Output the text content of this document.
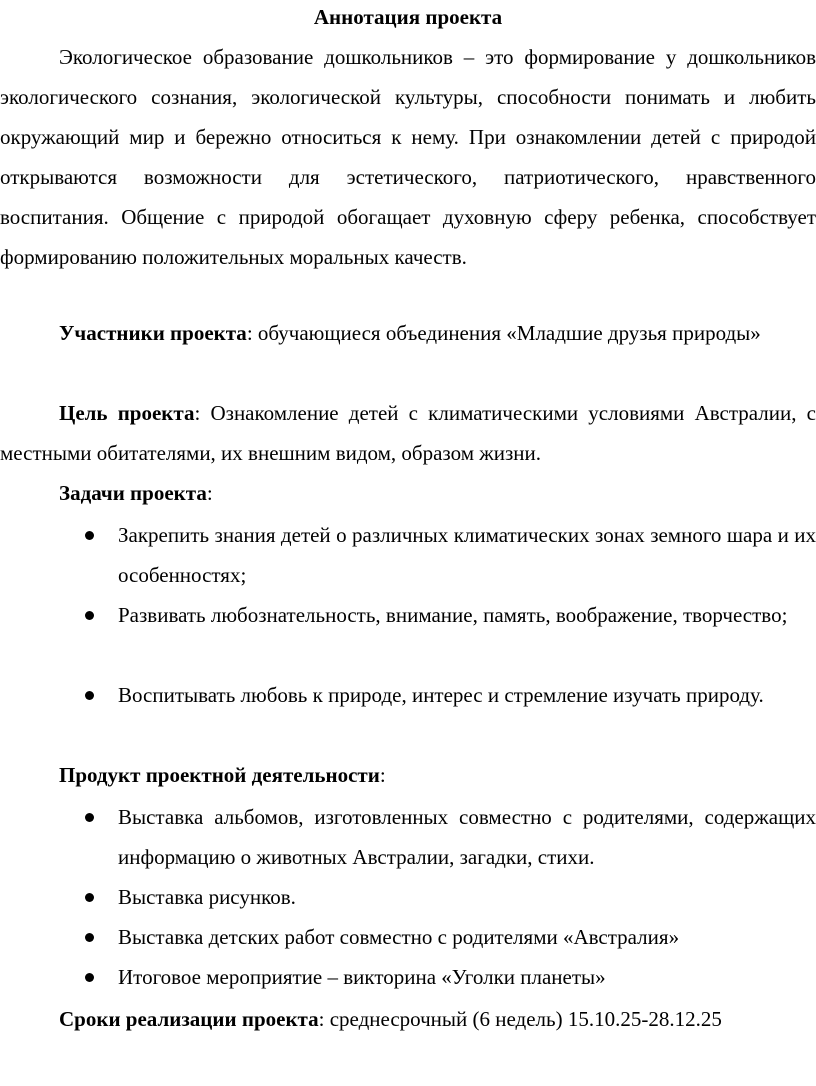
Аннотация проекта

Экологическое образование дошкольников – это формирование у дошкольников экологического сознания, экологической культуры, способности понимать и любить окружающий мир и бережно относиться к нему. При ознакомлении детей с природой открываются возможности для эстетического, патриотического, нравственного воспитания. Общение с природой обогащает духовную сферу ребенка, способствует формированию положительных моральных качеств.

Участники проекта: обучающиеся объединения «Младшие друзья природы»

Цель проекта: Ознакомление детей с климатическими условиями Австралии, с местными обитателями, их внешним видом, образом жизни.

Задачи проекта:

Закрепить знания детей о различных климатических зонах земного шара и их особенностях;
Развивать любознательность, внимание, память, воображение, творчество;
Воспитывать любовь к природе, интерес и стремление изучать природу.

Продукт проектной деятельности:

Выставка альбомов, изготовленных совместно с родителями, содержащих информацию о животных Австралии, загадки, стихи.
Выставка рисунков.
Выставка детских работ совместно с родителями «Австралия»
Итоговое мероприятие – викторина «Уголки планеты»

Сроки реализации проекта: среднесрочный (6 недель) 15.10.25-28.12.25
